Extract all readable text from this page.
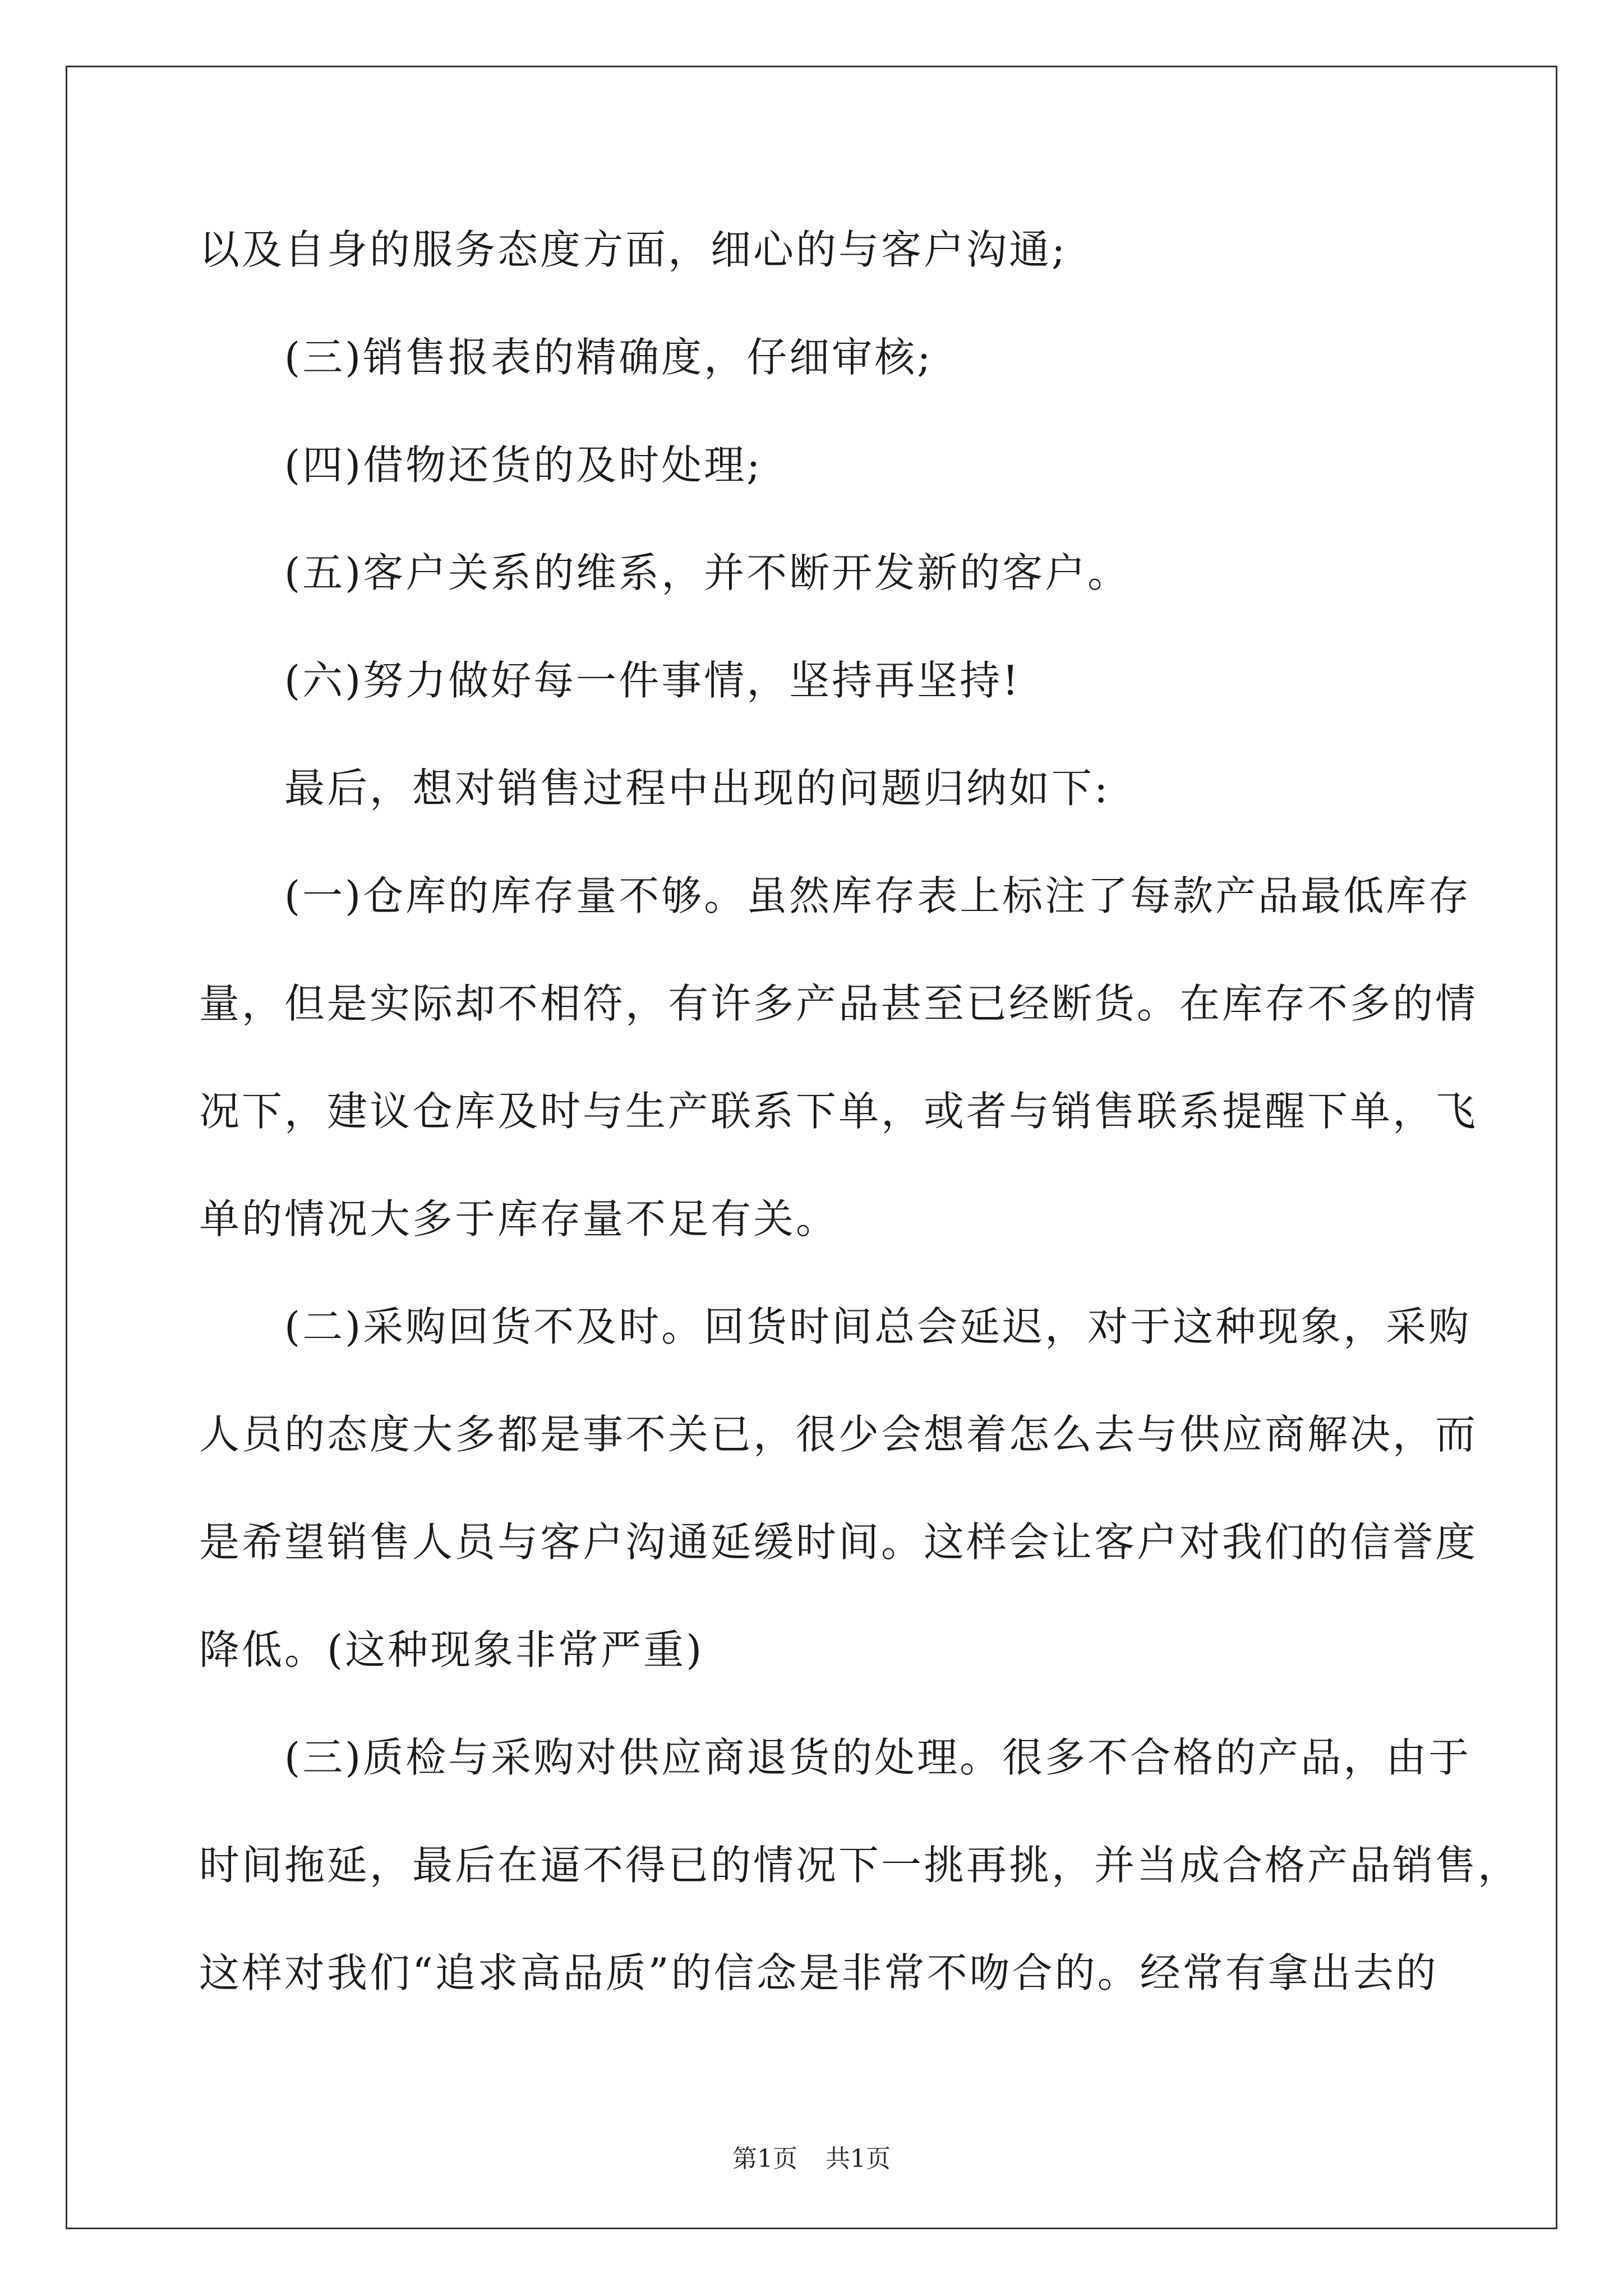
以及自身的服务态度方面，细心的与客户沟通;
(三)销售报表的精确度，仔细审核;
(四)借物还货的及时处理;
(五)客户关系的维系，并不断开发新的客户。
(六)努力做好每一件事情，坚持再坚持!
最后，想对销售过程中出现的问题归纳如下:
(一)仓库的库存量不够。虽然库存表上标注了每款产品最低库存
量，但是实际却不相符，有许多产品甚至已经断货。在库存不多的情
况下，建议仓库及时与生产联系下单，或者与销售联系提醒下单，飞
单的情况大多于库存量不足有关。
(二)采购回货不及时。回货时间总会延迟，对于这种现象，采购
人员的态度大多都是事不关已，很少会想着怎么去与供应商解决，而
是希望销售人员与客户沟通延缓时间。这样会让客户对我们的信誉度
降低。(这种现象非常严重)
(三)质检与采购对供应商退货的处理。很多不合格的产品，由于
时间拖延，最后在逼不得已的情况下一挑再挑，并当成合格产品销售，
这样对我们“追求高品质”的信念是非常不吻合的。经常有拿出去的
第1页 共1页
